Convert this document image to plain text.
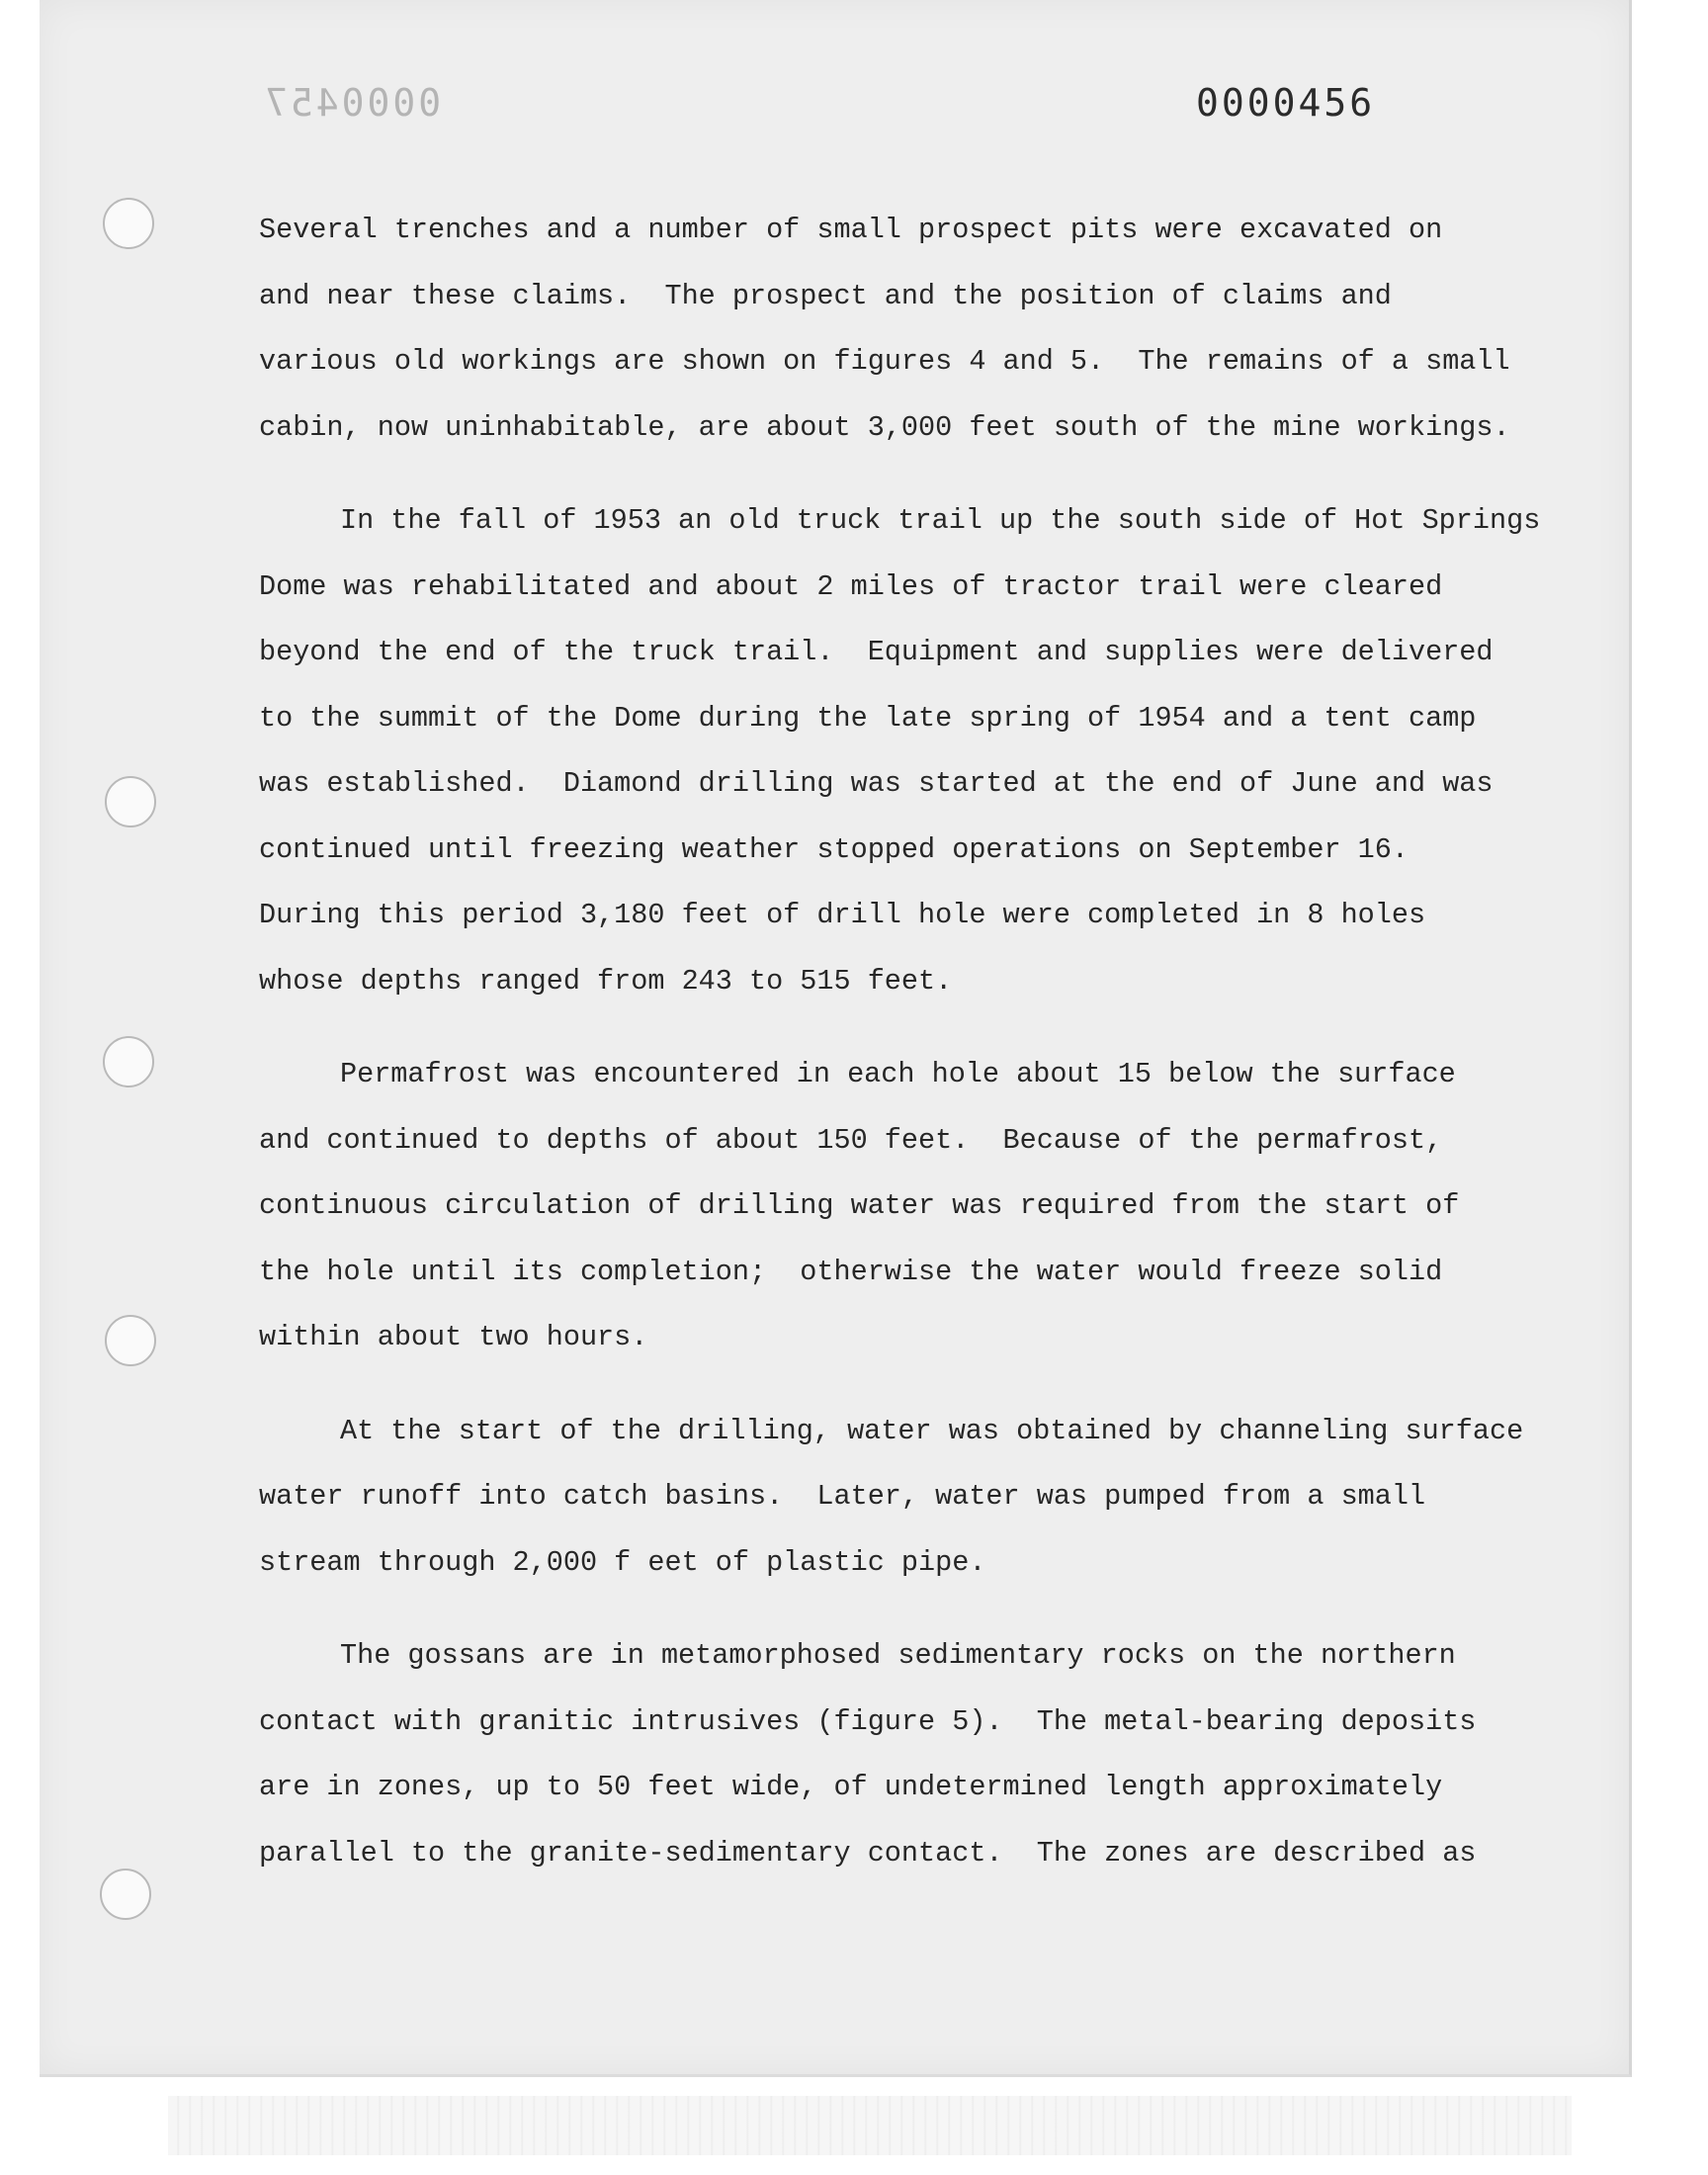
0000457	0000456
Several trenches and a number of small prospect pits were excavated on
and near these claims.  The prospect and the position of claims and
various old workings are shown on figures 4 and 5.  The remains of a small
cabin, now uninhabitable, are about 3,000 feet south of the mine workings.
In the fall of 1953 an old truck trail up the south side of Hot Springs
Dome was rehabilitated and about 2 miles of tractor trail were cleared
beyond the end of the truck trail.  Equipment and supplies were delivered
to the summit of the Dome during the late spring of 1954 and a tent camp
was established.  Diamond drilling was started at the end of June and was
continued until freezing weather stopped operations on September 16.
During this period 3,180 feet of drill hole were completed in 8 holes
whose depths ranged from 243 to 515 feet.
Permafrost was encountered in each hole about 15 below the surface
and continued to depths of about 150 feet.  Because of the permafrost,
continuous circulation of drilling water was required from the start of
the hole until its completion;  otherwise the water would freeze solid
within about two hours.
At the start of the drilling, water was obtained by channeling surface
water runoff into catch basins.  Later, water was pumped from a small
stream through 2,000 f eet of plastic pipe.
The gossans are in metamorphosed sedimentary rocks on the northern
contact with granitic intrusives (figure 5).  The metal-bearing deposits
are in zones, up to 50 feet wide, of undetermined length approximately
parallel to the granite-sedimentary contact.  The zones are described as
